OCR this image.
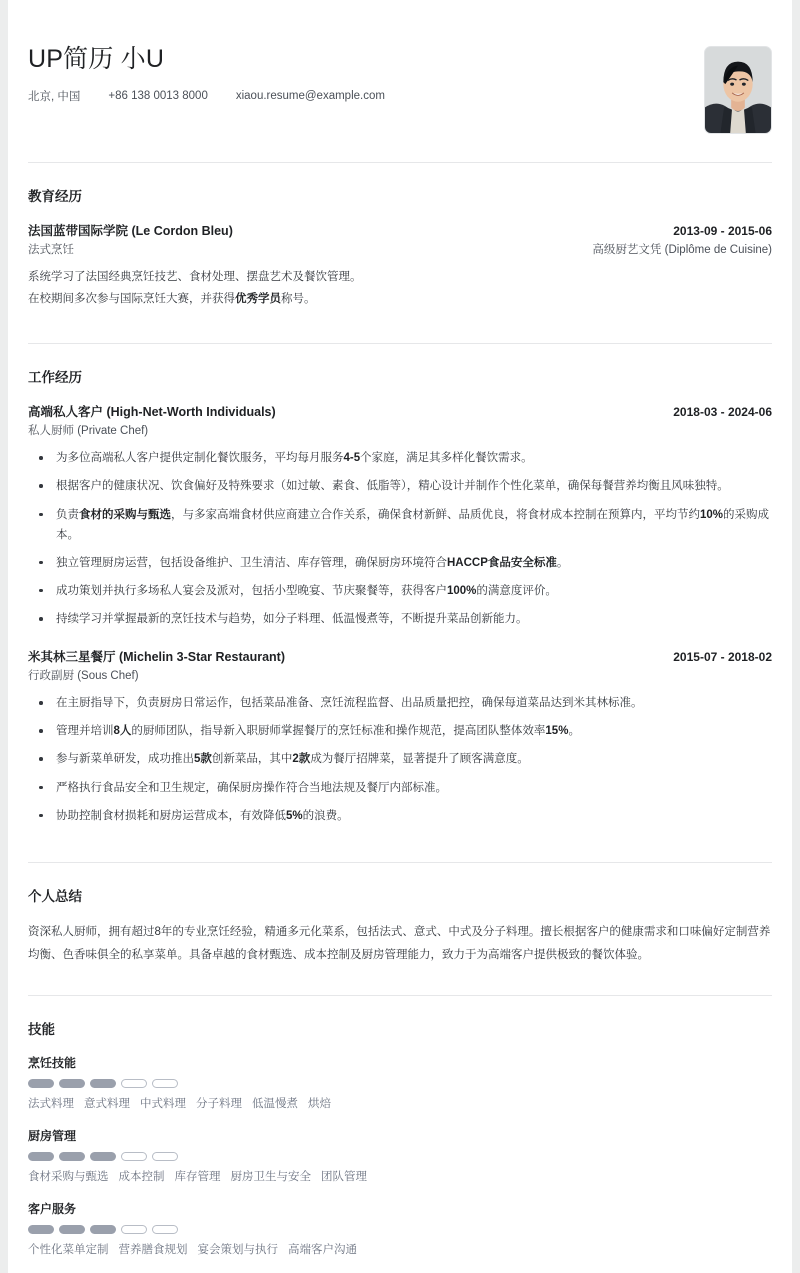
UP简历 小U
北京, 中国 +86 138 0013 8000 xiaou.resume@example.com
教育经历
法国蓝带国际学院 (Le Cordon Bleu)	2013-09 - 2015-06
法式烹饪	高级厨艺文凭 (Diplôme de Cuisine)

系统学习了法国经典烹饪技艺、食材处理、摆盘艺术及餐饮管理。

在校期间多次参与国际烹饪大赛，并获得优秀学员称号。

工作经历
高端私人客户 (High-Net-Worth Individuals)	2018-03 - 2024-06
私人厨师 (Private Chef)
为多位高端私人客户提供定制化餐饮服务，平均每月服务4-5个家庭，满足其多样化餐饮需求。
根据客户的健康状况、饮食偏好及特殊要求（如过敏、素食、低脂等），精心设计并制作个性化菜单，确保每餐营养均衡且风味独特。
负责食材的采购与甄选，与多家高端食材供应商建立合作关系，确保食材新鲜、品质优良，将食材成本控制在预算内，平均节约10%的采购成本。
独立管理厨房运营，包括设备维护、卫生清洁、库存管理，确保厨房环境符合HACCP食品安全标准。
成功策划并执行多场私人宴会及派对，包括小型晚宴、节庆聚餐等，获得客户100%的满意度评价。
持续学习并掌握最新的烹饪技术与趋势，如分子料理、低温慢煮等，不断提升菜品创新能力。
米其林三星餐厅 (Michelin 3-Star Restaurant)	2015-07 - 2018-02
行政副厨 (Sous Chef)
在主厨指导下，负责厨房日常运作，包括菜品准备、烹饪流程监督、出品质量把控，确保每道菜品达到米其林标准。
管理并培训8人的厨师团队，指导新入职厨师掌握餐厅的烹饪标准和操作规范，提高团队整体效率15%。
参与新菜单研发，成功推出5款创新菜品，其中2款成为餐厅招牌菜，显著提升了顾客满意度。
严格执行食品安全和卫生规定，确保厨房操作符合当地法规及餐厅内部标准。
协助控制食材损耗和厨房运营成本，有效降低5%的浪费。
个人总结

资深私人厨师，拥有超过8年的专业烹饪经验，精通多元化菜系，包括法式、意式、中式及分子料理。擅长根据客户的健康需求和口味偏好定制营养均衡、色香味俱全的私享菜单。具备卓越的食材甄选、成本控制及厨房管理能力，致力于为高端客户提供极致的餐饮体验。

技能
烹饪技能
法式料理 意式料理 中式料理 分子料理 低温慢煮 烘焙
厨房管理
食材采购与甄选 成本控制 库存管理 厨房卫生与安全 团队管理
客户服务
个性化菜单定制 营养膳食规划 宴会策划与执行 高端客户沟通
